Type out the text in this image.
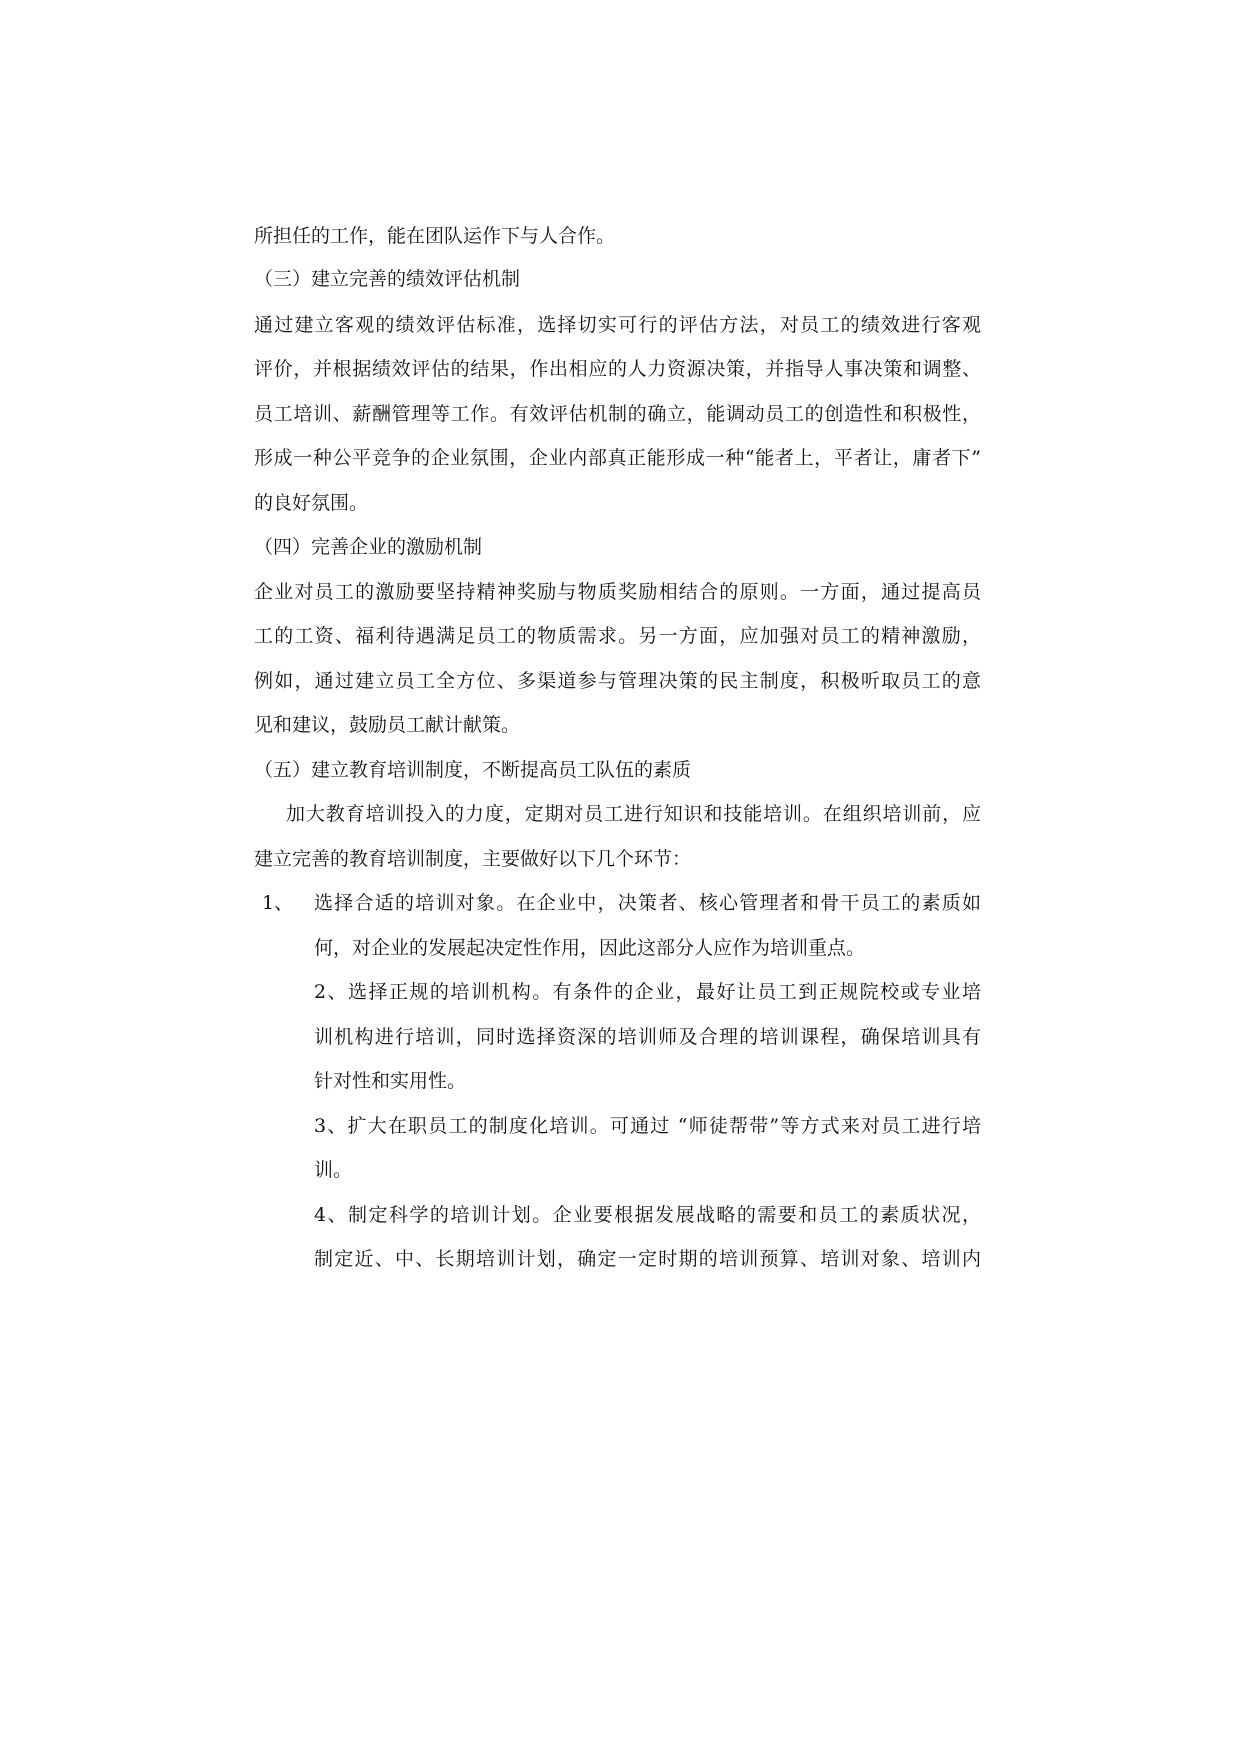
所担任的工作，能在团队运作下与人合作。
（三）建立完善的绩效评估机制
通过建立客观的绩效评估标准，选择切实可行的评估方法，对员工的绩效进行客观
评价，并根据绩效评估的结果，作出相应的人力资源决策，并指导人事决策和调整、
员工培训、薪酬管理等工作。有效评估机制的确立，能调动员工的创造性和积极性，
形成一种公平竞争的企业氛围，企业内部真正能形成一种“能者上，平者让，庸者下”
的良好氛围。
（四）完善企业的激励机制
企业对员工的激励要坚持精神奖励与物质奖励相结合的原则。一方面，通过提高员
工的工资、福利待遇满足员工的物质需求。另一方面，应加强对员工的精神激励，
例如，通过建立员工全方位、多渠道参与管理决策的民主制度，积极听取员工的意
见和建议，鼓励员工献计献策。
（五）建立教育培训制度，不断提高员工队伍的素质
加大教育培训投入的力度，定期对员工进行知识和技能培训。在组织培训前，应
建立完善的教育培训制度，主要做好以下几个环节：
1、 选择合适的培训对象。在企业中，决策者、核心管理者和骨干员工的素质如
何，对企业的发展起决定性作用，因此这部分人应作为培训重点。
2、选择正规的培训机构。有条件的企业，最好让员工到正规院校或专业培
训机构进行培训，同时选择资深的培训师及合理的培训课程，确保培训具有
针对性和实用性。
3、扩大在职员工的制度化培训。可通过 “师徒帮带”等方式来对员工进行培
训。
4、制定科学的培训计划。企业要根据发展战略的需要和员工的素质状况，
制定近、中、长期培训计划，确定一定时期的培训预算、培训对象、培训内
